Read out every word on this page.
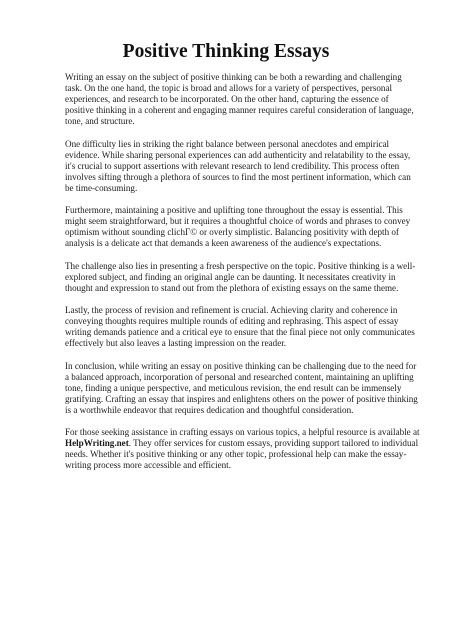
Positive Thinking Essays

Writing an essay on the subject of positive thinking can be both a rewarding and challenging
task. On the one hand, the topic is broad and allows for a variety of perspectives, personal
experiences, and research to be incorporated. On the other hand, capturing the essence of
positive thinking in a coherent and engaging manner requires careful consideration of language,
tone, and structure.

One difficulty lies in striking the right balance between personal anecdotes and empirical
evidence. While sharing personal experiences can add authenticity and relatability to the essay,
it's crucial to support assertions with relevant research to lend credibility. This process often
involves sifting through a plethora of sources to find the most pertinent information, which can
be time-consuming.

Furthermore, maintaining a positive and uplifting tone throughout the essay is essential. This
might seem straightforward, but it requires a thoughtful choice of words and phrases to convey
optimism without sounding clichГ© or overly simplistic. Balancing positivity with depth of
analysis is a delicate act that demands a keen awareness of the audience's expectations.

The challenge also lies in presenting a fresh perspective on the topic. Positive thinking is a well-
explored subject, and finding an original angle can be daunting. It necessitates creativity in
thought and expression to stand out from the plethora of existing essays on the same theme.

Lastly, the process of revision and refinement is crucial. Achieving clarity and coherence in
conveying thoughts requires multiple rounds of editing and rephrasing. This aspect of essay
writing demands patience and a critical eye to ensure that the final piece not only communicates
effectively but also leaves a lasting impression on the reader.

In conclusion, while writing an essay on positive thinking can be challenging due to the need for
a balanced approach, incorporation of personal and researched content, maintaining an uplifting
tone, finding a unique perspective, and meticulous revision, the end result can be immensely
gratifying. Crafting an essay that inspires and enlightens others on the power of positive thinking
is a worthwhile endeavor that requires dedication and thoughtful consideration.

For those seeking assistance in crafting essays on various topics, a helpful resource is available at
HelpWriting.net. They offer services for custom essays, providing support tailored to individual
needs. Whether it's positive thinking or any other topic, professional help can make the essay-
writing process more accessible and efficient.
